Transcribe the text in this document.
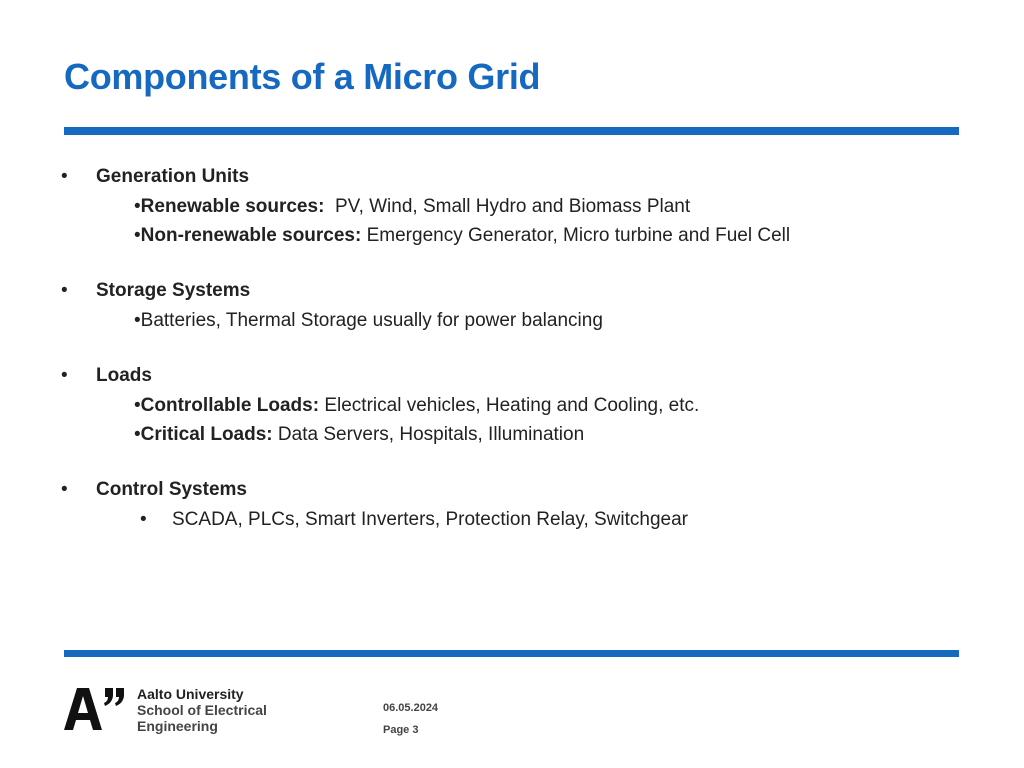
Components of a Micro Grid
• Generation Units
•Renewable sources:  PV, Wind, Small Hydro and Biomass Plant
•Non-renewable sources: Emergency Generator, Micro turbine and Fuel Cell
• Storage Systems
•Batteries, Thermal Storage usually for power balancing
• Loads
•Controllable Loads: Electrical vehicles, Heating and Cooling, etc.
•Critical Loads: Data Servers, Hospitals, Illumination
• Control Systems
• SCADA, PLCs, Smart Inverters, Protection Relay, Switchgear
Aalto University
School of Electrical
Engineering
06.05.2024
Page 3
